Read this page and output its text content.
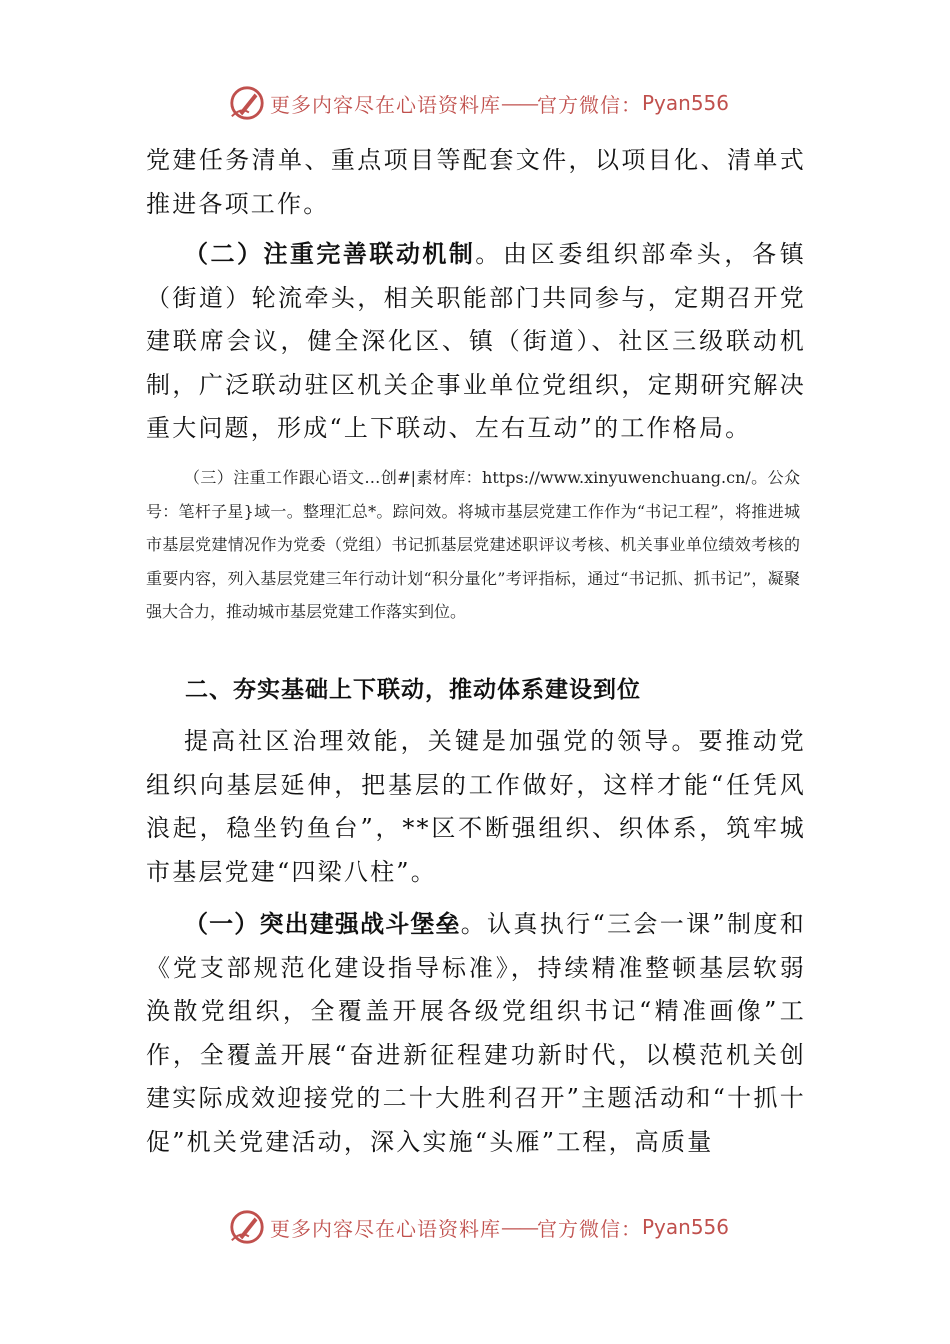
更多内容尽在心语资料库 — — 官方微信： Pyan556
党建任务清单、重点项目等配套文件，以项目化、清单式推进各项工作。
（二）注重完善联动机制。由区委组织部牵头，各镇（街道）轮流牵头，相关职能部门共同参与，定期召开党建联席会议，健全深化区、镇（街道）、社区三级联动机制，广泛联动驻区机关企事业单位党组织，定期研究解决重大问题，形成“上下联动、左右互动”的工作格局。
（三）注重工作跟心语文…创#|素材库：https://www.xinyuwenchuang.cn/。公众号：笔杆子星}域一。整理汇总*。踪问效。将城市基层党建工作作为“书记工程”，将推进城市基层党建情况作为党委（党组）书记抓基层党建述职评议考核、机关事业单位绩效考核的重要内容，列入基层党建三年行动计划“积分量化”考评指标，通过“书记抓、抓书记”，凝聚强大合力，推动城市基层党建工作落实到位。
二、夯实基础上下联动，推动体系建设到位
提高社区治理效能，关键是加强党的领导。要推动党组织向基层延伸，把基层的工作做好，这样才能“任凭风浪起，稳坐钓鱼台”，**区不断强组织、织体系，筑牢城市基层党建“四梁八柱”。
（一）突出建强战斗堡垒。认真执行“三会一课”制度和《党支部规范化建设指导标准》，持续精准整顿基层软弱涣散党组织，全覆盖开展各级党组织书记“精准画像”工作，全覆盖开展“奋进新征程建功新时代，以模范机关创建实际成效迎接党的二十大胜利召开”主题活动和“十抓十促”机关党建活动，深入实施“头雁”工程，高质量
更多内容尽在心语资料库 — — 官方微信： Pyan556
